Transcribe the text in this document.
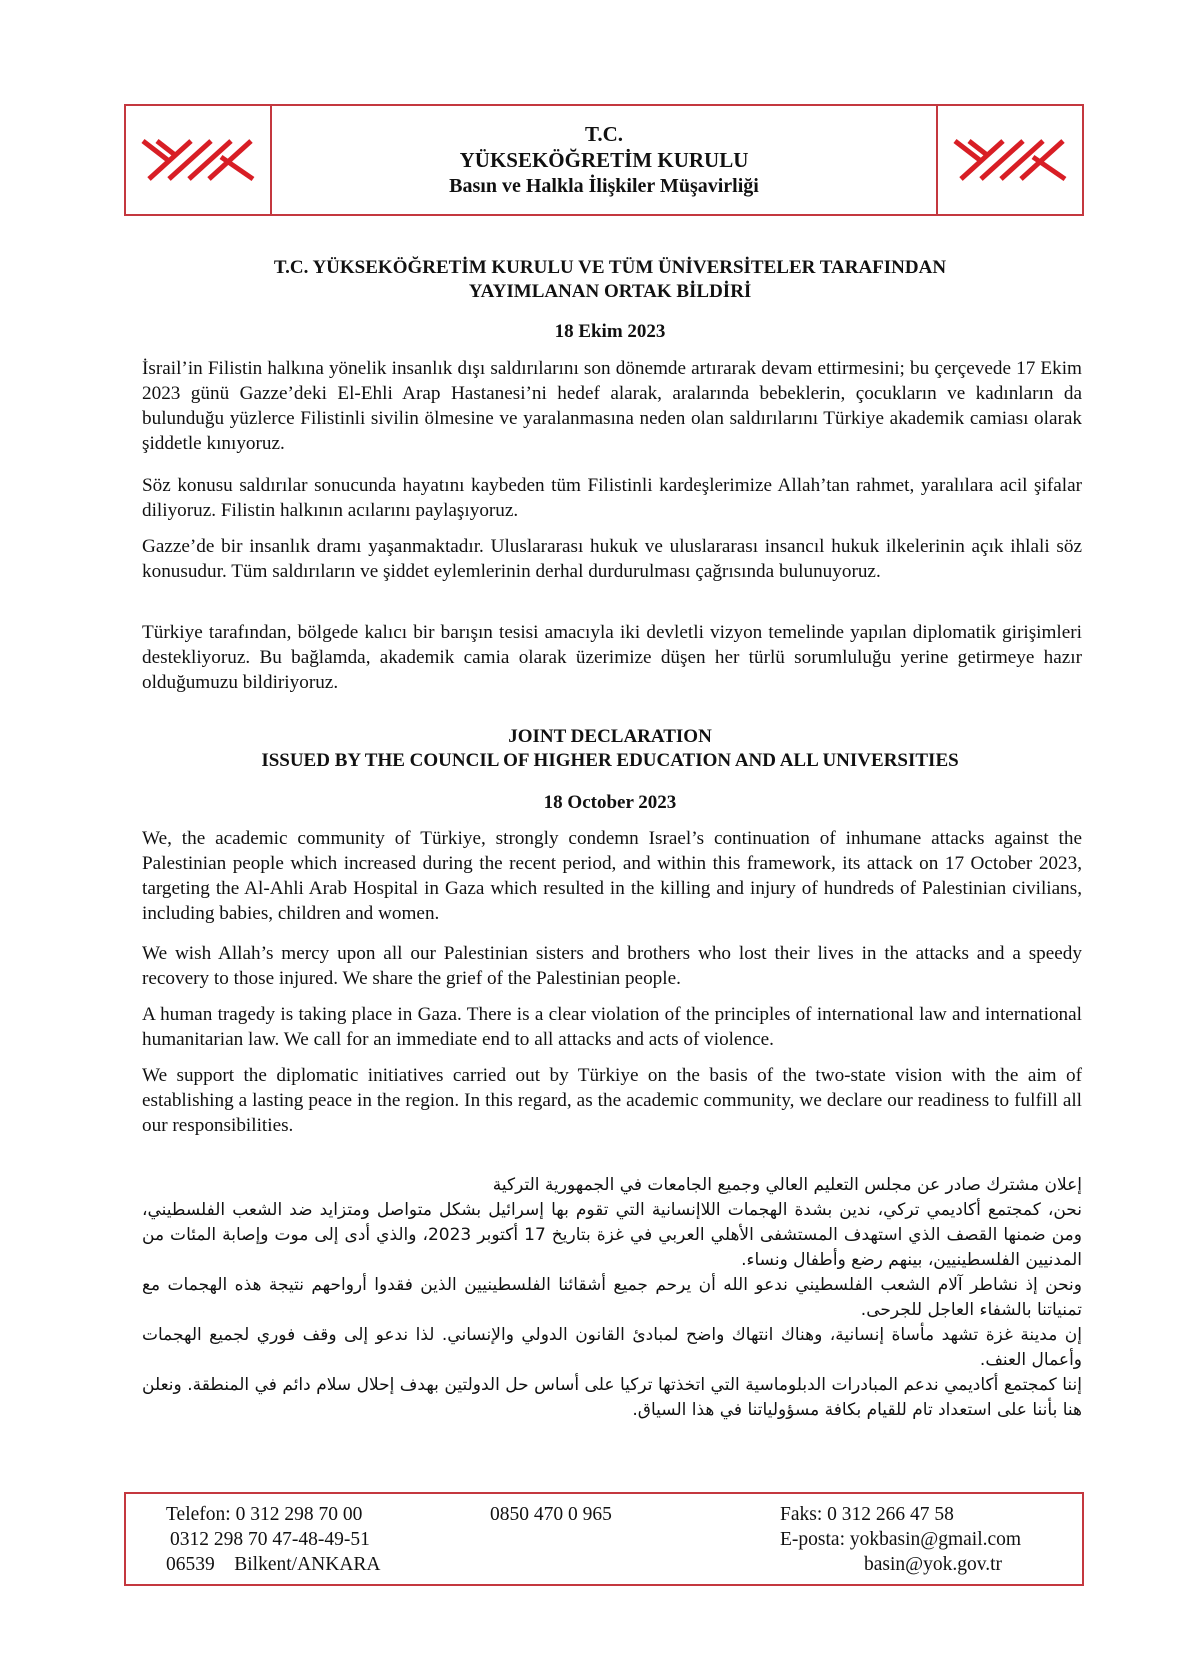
T.C.
YÜKSEKÖĞRETİM KURULU
Basın ve Halkla İlişkiler Müşavirliği
T.C. YÜKSEKÖĞRETİM KURULU VE TÜM ÜNİVERSİTELER TARAFINDAN
YAYIMLANAN ORTAK BİLDİRİ
18 Ekim 2023

İsrail’in Filistin halkına yönelik insanlık dışı saldırılarını son dönemde artırarak devam ettirmesini; bu çerçevede 17 Ekim 2023 günü Gazze’deki El-Ehli Arap Hastanesi’ni hedef alarak, aralarında bebeklerin, çocukların ve kadınların da bulunduğu yüzlerce Filistinli sivilin ölmesine ve yaralanmasına neden olan saldırılarını Türkiye akademik camiası olarak şiddetle kınıyoruz.

Söz konusu saldırılar sonucunda hayatını kaybeden tüm Filistinli kardeşlerimize Allah’tan rahmet, yaralılara acil şifalar diliyoruz. Filistin halkının acılarını paylaşıyoruz.

Gazze’de bir insanlık dramı yaşanmaktadır. Uluslararası hukuk ve uluslararası insancıl hukuk ilkelerinin açık ihlali söz konusudur. Tüm saldırıların ve şiddet eylemlerinin derhal durdurulması çağrısında bulunuyoruz.

Türkiye tarafından, bölgede kalıcı bir barışın tesisi amacıyla iki devletli vizyon temelinde yapılan diplomatik girişimleri destekliyoruz. Bu bağlamda, akademik camia olarak üzerimize düşen her türlü sorumluluğu yerine getirmeye hazır olduğumuzu bildiriyoruz.

JOINT DECLARATION
ISSUED BY THE COUNCIL OF HIGHER EDUCATION AND ALL UNIVERSITIES
18 October 2023

We, the academic community of Türkiye, strongly condemn Israel’s continuation of inhumane attacks against the Palestinian people which increased during the recent period, and within this framework, its attack on 17 October 2023, targeting the Al-Ahli Arab Hospital in Gaza which resulted in the killing and injury of hundreds of Palestinian civilians, including babies, children and women.

We wish Allah’s mercy upon all our Palestinian sisters and brothers who lost their lives in the attacks and a speedy recovery to those injured. We share the grief of the Palestinian people.

A human tragedy is taking place in Gaza. There is a clear violation of the principles of international law and international humanitarian law. We call for an immediate end to all attacks and acts of violence.

We support the diplomatic initiatives carried out by Türkiye on the basis of the two-state vision with the aim of establishing a lasting peace in the region. In this regard, as the academic community, we declare our readiness to fulfill all our responsibilities.

إعلان مشترك صادر عن مجلس التعليم العالي وجميع الجامعات في الجمهورية التركية

نحن، كمجتمع أكاديمي تركي، ندين بشدة الهجمات اللاإنسانية التي تقوم بها إسرائيل بشكل متواصل ومتزايد ضد الشعب الفلسطيني، ومن ضمنها القصف الذي استهدف المستشفى الأهلي العربي في غزة بتاريخ 17 أكتوبر 2023، والذي أدى إلى موت وإصابة المئات من المدنيين الفلسطينيين، بينهم رضع وأطفال ونساء.

ونحن إذ نشاطر آلام الشعب الفلسطيني ندعو الله أن يرحم جميع أشقائنا الفلسطينيين الذين فقدوا أرواحهم نتيجة هذه الهجمات مع تمنياتنا بالشفاء العاجل للجرحى.

إن مدينة غزة تشهد مأساة إنسانية، وهناك انتهاك واضح لمبادئ القانون الدولي والإنساني. لذا ندعو إلى وقف فوري لجميع الهجمات وأعمال العنف.

إننا كمجتمع أكاديمي ندعم المبادرات الدبلوماسية التي اتخذتها تركيا على أساس حل الدولتين بهدف إحلال سلام دائم في المنطقة. ونعلن هنا بأننا على استعداد تام للقيام بكافة مسؤولياتنا في هذا السياق.

Telefon: 0 312 298 70 00
0312 298 70 47-48-49-51
06539    Bilkent/ANKARA
0850 470 0 965	Faks: 0 312 266 47 58
E-posta: yokbasin@gmail.com
basin@yok.gov.tr
